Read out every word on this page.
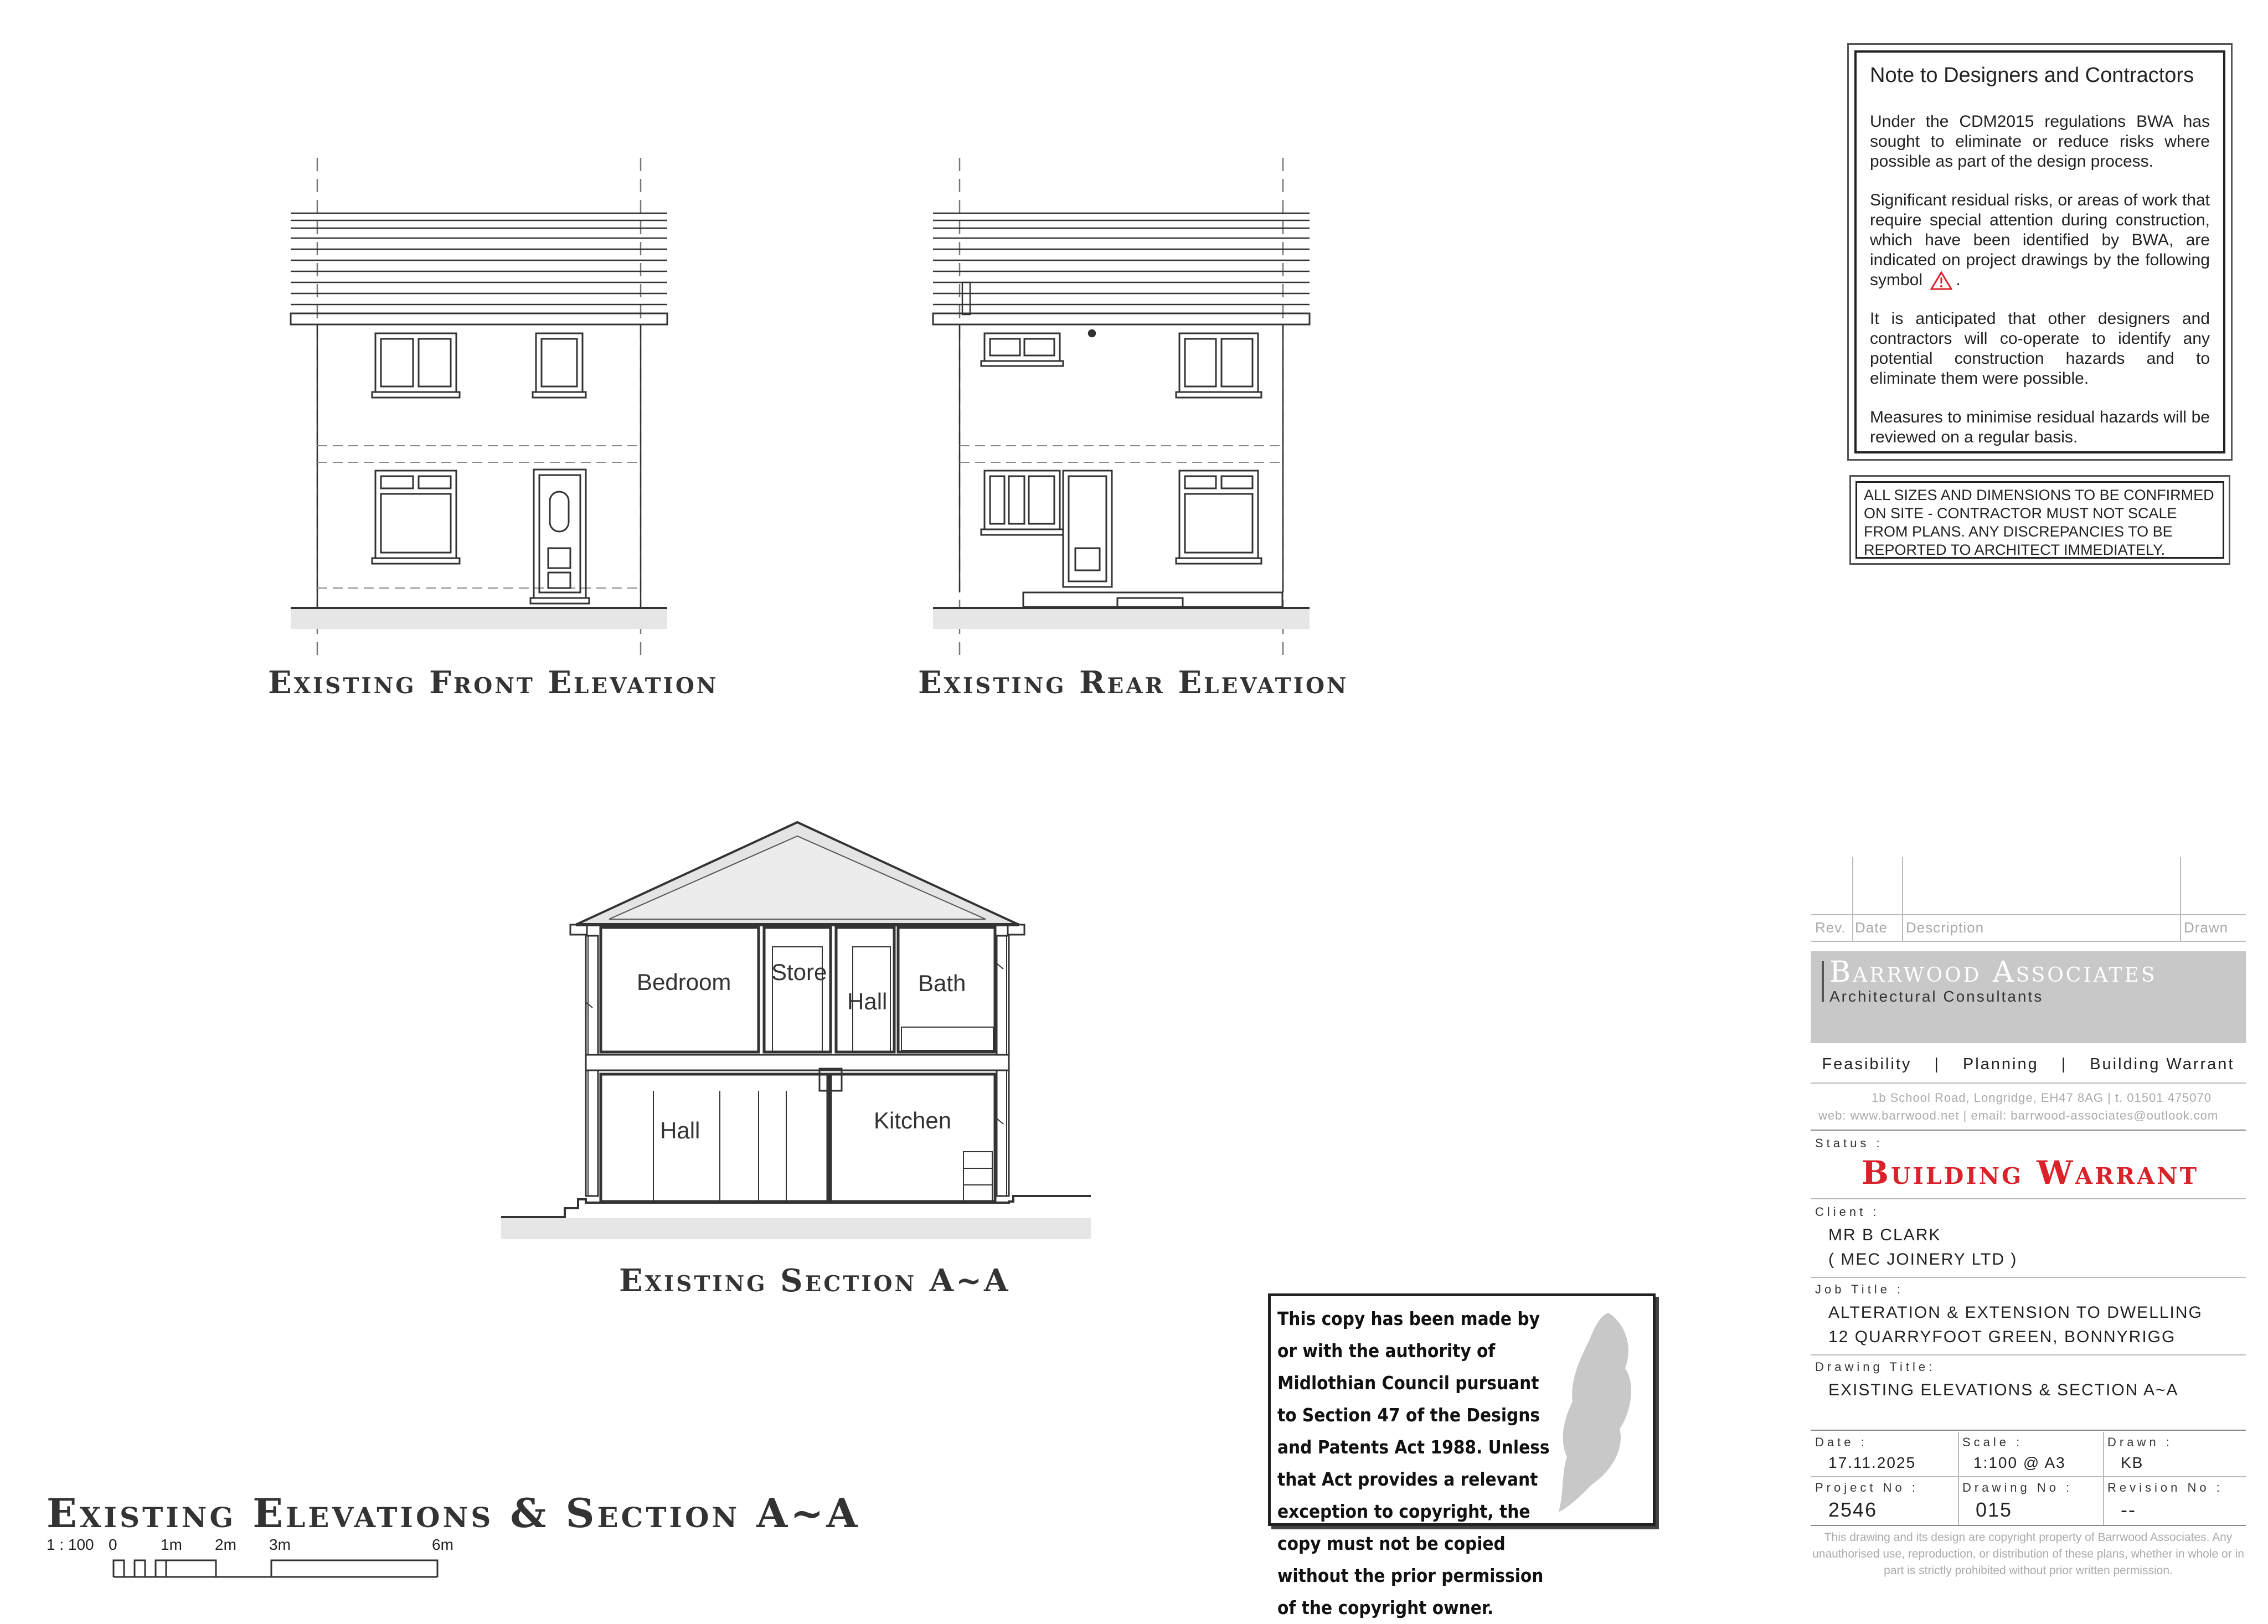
Existing Front Elevation	Existing Rear Elevation
Existing Section A~A
Bedroom Store
Hall
Bath
Hall	Kitchen
Existing Elevations & Section A~A
1 : 100 0	1m 2m 3m	6m
Note to Designers and Contractors

Under the CDM2015 regulations BWA has sought to eliminate or reduce risks where possible as part of the design process.

Significant residual risks, or areas of work that require special attention during construction, which have been identified by BWA, are indicated on project drawings by the following symbol .

It is anticipated that other designers and contractors will co-operate to identify any potential construction hazards and to eliminate them were possible.

Measures to minimise residual hazards will be reviewed on a regular basis.

ALL SIZES AND DIMENSIONS TO BE CONFIRMED ON SITE - CONTRACTOR MUST NOT SCALE FROM PLANS. ANY DISCREPANCIES TO BE REPORTED TO ARCHITECT IMMEDIATELY.
This copy has been made by or with the authority of Midlothian Council pursuant to Section 47 of the Designs and Patents Act 1988. Unless that Act provides a relevant exception to copyright, the copy must not be copied without the prior permission of the copyright owner.
Rev. Date Description	Drawn
Barrwood Associates
Architectural Consultants
Feasibility | Planning | Building Warrant
1b School Road, Longridge, EH47 8AG | t. 01501 475070
web: www.barrwood.net | email: barrwood-associates@outlook.com
Status :
Building Warrant
Client :
MR B CLARK
( MEC JOINERY LTD )
Job Title :
ALTERATION & EXTENSION TO DWELLING
12 QUARRYFOOT GREEN, BONNYRIGG
Drawing Title:
EXISTING ELEVATIONS & SECTION A~A
Date :
17.11.2025
Scale :
1:100 @ A3
Drawn :
KB
Project No :
2546
Drawing No :
015
Revision No :
--
This drawing and its design are copyright property of Barrwood Associates. Any unauthorised use, reproduction, or distribution of these plans, whether in whole or in part is strictly prohibited without prior written permission.
